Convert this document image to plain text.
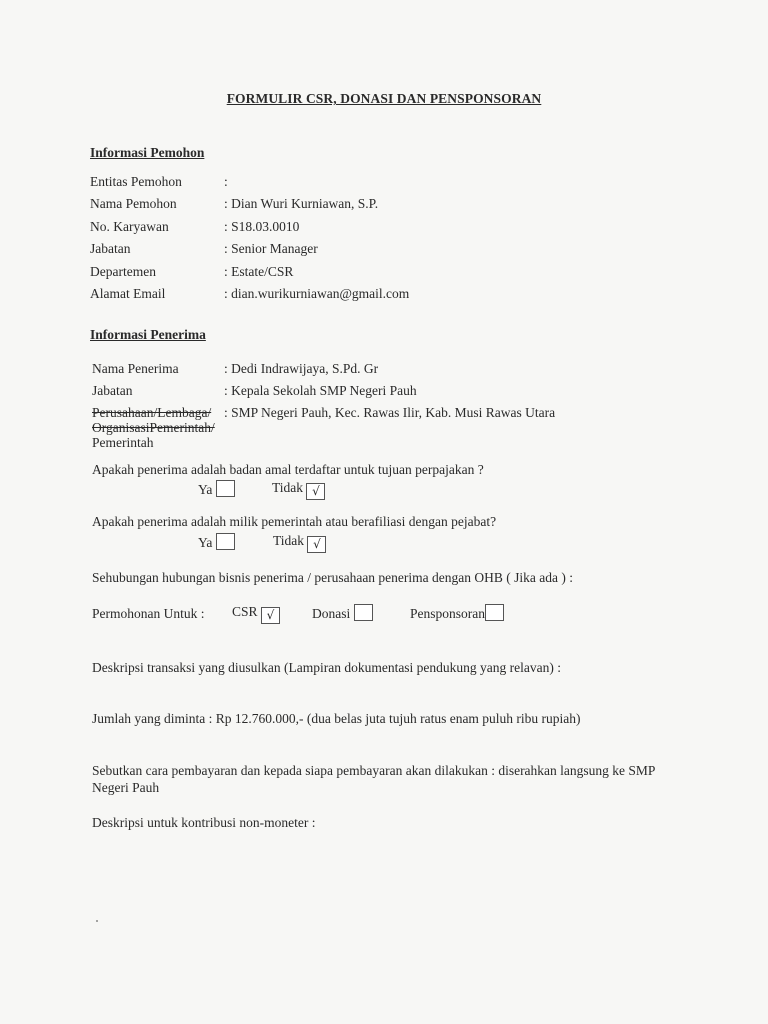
FORMULIR CSR, DONASI DAN PENSPONSORAN
Informasi Pemohon
Entitas Pemohon	:
Nama Pemohon	: Dian Wuri Kurniawan, S.P.
No. Karyawan	: S18.03.0010
Jabatan	: Senior Manager
Departemen	: Estate/CSR
Alamat Email	: dian.wurikurniawan@gmail.com
Informasi Penerima
Nama Penerima	: Dedi Indrawijaya, S.Pd. Gr
Jabatan	: Kepala Sekolah SMP Negeri Pauh
Perusahaan/Lembaga/
OrganisasiPemerintah/
Pemerintah
: SMP Negeri Pauh, Kec. Rawas Ilir, Kab. Musi Rawas Utara
Apakah penerima adalah badan amal terdaftar untuk tujuan perpajakan ?
Ya	Tidak √
Apakah penerima adalah milik pemerintah atau berafiliasi dengan pejabat?
Ya	Tidak √
Sehubungan hubungan bisnis penerima / perusahaan penerima dengan OHB ( Jika ada ) :
Permohonan Untuk : CSR √	Donasi	Pensponsoran
Deskripsi transaksi yang diusulkan (Lampiran dokumentasi pendukung yang relavan) :
Jumlah yang diminta : Rp 12.760.000,- (dua belas juta tujuh ratus enam puluh ribu rupiah)
Sebutkan cara pembayaran dan kepada siapa pembayaran akan dilakukan : diserahkan langsung ke SMP
Negeri Pauh
Deskripsi untuk kontribusi non-moneter :
